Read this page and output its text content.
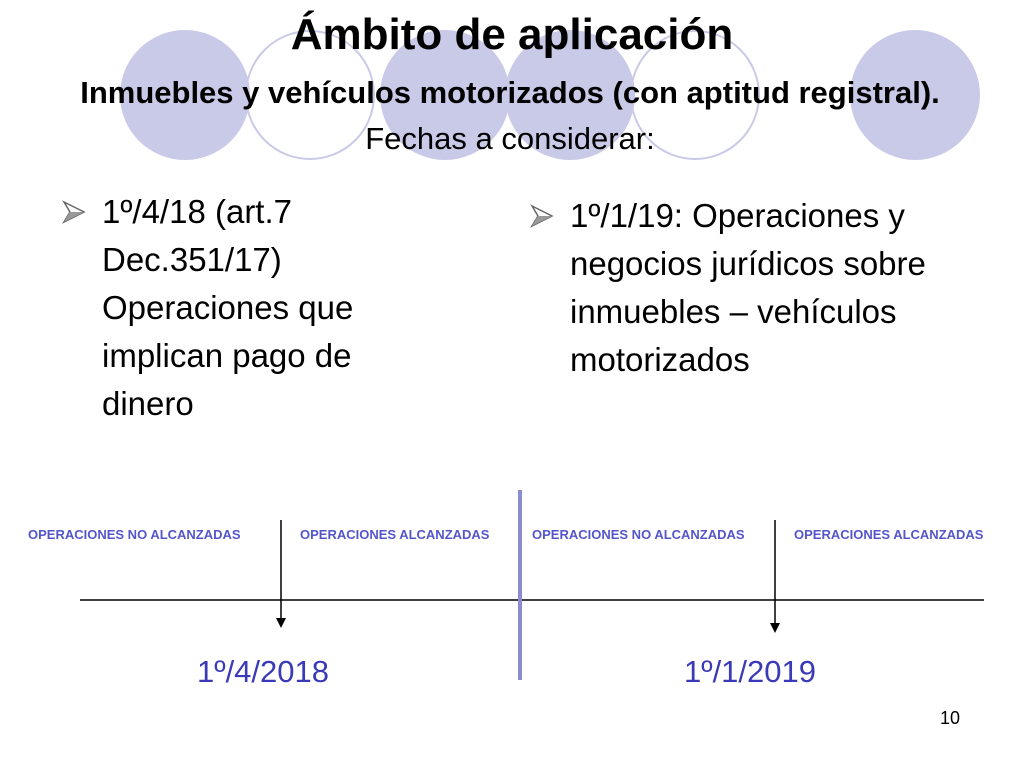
Ámbito de aplicación
Inmuebles y vehículos motorizados (con aptitud registral). Fechas a considerar:
1º/4/18 (art.7 Dec.351/17) Operaciones que implican pago de dinero
1º/1/19: Operaciones y negocios jurídicos sobre inmuebles – vehículos motorizados
OPERACIONES NO ALCANZADAS	OPERACIONES ALCANZADAS	OPERACIONES NO ALCANZADAS	OPERACIONES ALCANZADAS
1º/4/2018	1º/1/2019
10
